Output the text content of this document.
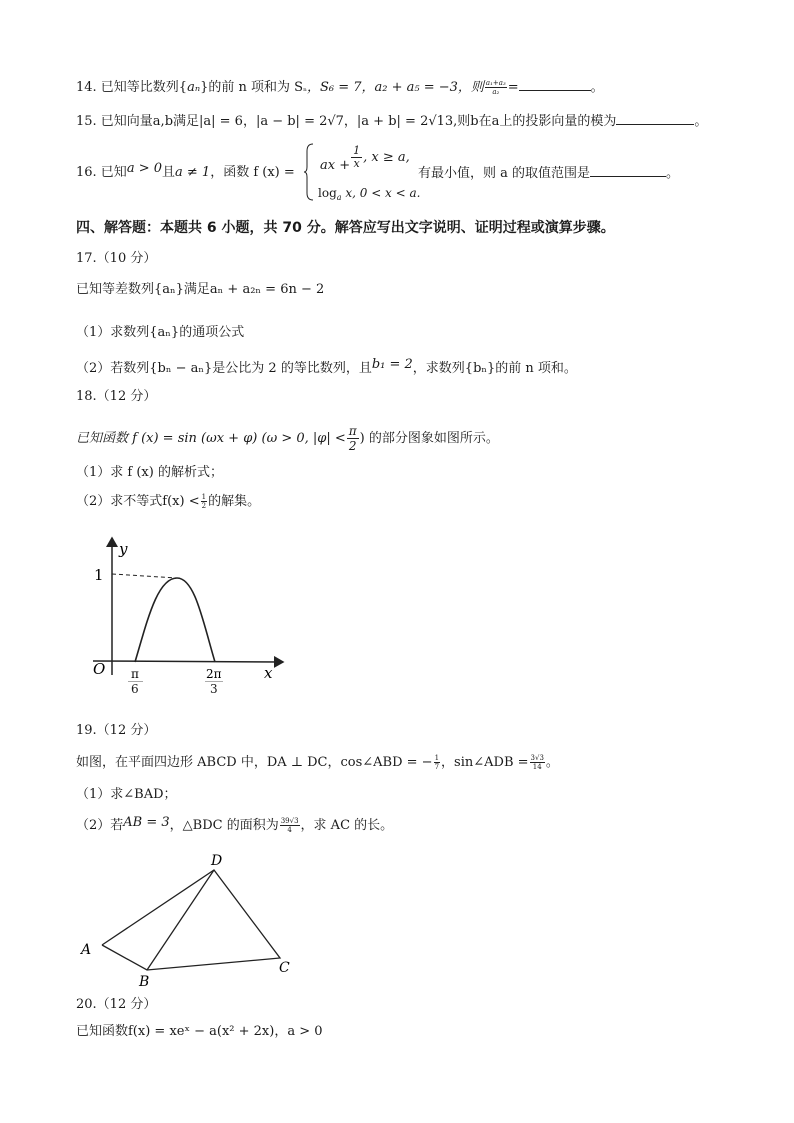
14. 已知等比数列{aₙ}的前 n 项和为 Sₙ，S₆ = 7，a₂ + a₅ = −3，则 $\frac{\text{a₁+a₃}}{\text{a₂}}$ =	。
15. 已知向量a,b满足|a| = 6，|a − b| = 2√7，|a + b| = 2√13,则b在a上的投影向量的模为	。
16. 已知a > 0且a ≠ 1，函数 f (x) = ax + $\frac{1}{x}$ , x ≥ a,
$\log_a x$, 0 < x < a.
有最小值，则 a 的取值范围是	。
四、解答题：本题共 6 小题，共 70 分。解答应写出文字说明、证明过程或演算步骤。
17.（10 分）
已知等差数列{aₙ}满足aₙ + a₂ₙ = 6n − 2
（1）求数列{aₙ}的通项公式
（2）若数列{bₙ − aₙ}是公比为 2 的等比数列，且b₁ = 2，求数列{bₙ}的前 n 项和。
18.（12 分）
已知函数 f (x) = sin (ωx + φ) (ω > 0, $|\varphi| < \frac{\pi}{2}$ ) 的部分图象如图所示。
（1）求 f (x) 的解析式；
（2）求不等式$f(x) < \frac{1}{2}$ 的解集。
y
1
O	x
π	2π
6	3
19.（12 分）
如图，在平面四边形 ABCD 中，DA ⊥ DC，cos∠ABD = − $\frac{1}{7}$ ，sin∠ADB = $\frac{3√3}{14}$ 。
（1）求∠BAD；
（2）若AB = 3，△BDC 的面积为 $\frac{39√3}{4}$ ，求 AC 的长。
A
B
C
D
20.（12 分）
已知函数f(x) = xeˣ − a(x² + 2x)，a > 0
